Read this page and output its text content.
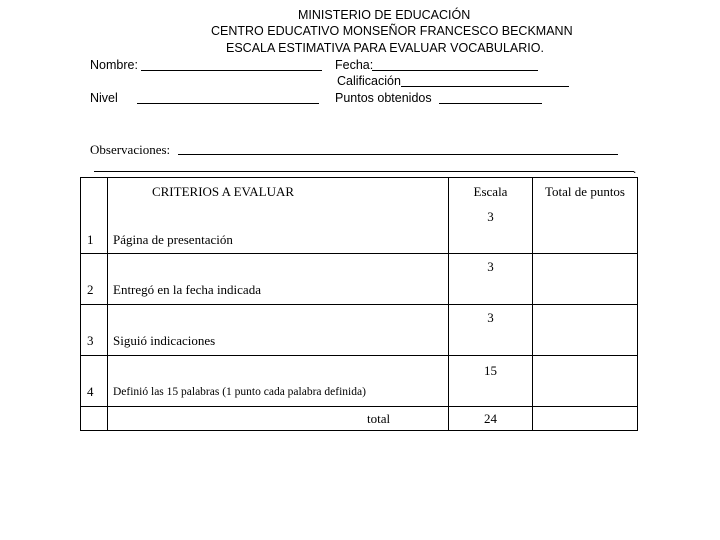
MINISTERIO DE EDUCACIÓN
CENTRO EDUCATIVO MONSEÑOR FRANCESCO BECKMANN
ESCALA ESTIMATIVA PARA EVALUAR VOCABULARIO.
Nombre:	Fecha:
Calificación
Nivel	Puntos obtenidos
Observaciones:
.
	CRITERIOS A EVALUAR	Escala	Total de puntos

1	Página de presentación	3	

2	Entregó en la fecha indicada	3	

3	Siguió indicaciones	3	

4	Definió las 15 palabras (1 punto cada palabra definida)	15	

	total	24	
